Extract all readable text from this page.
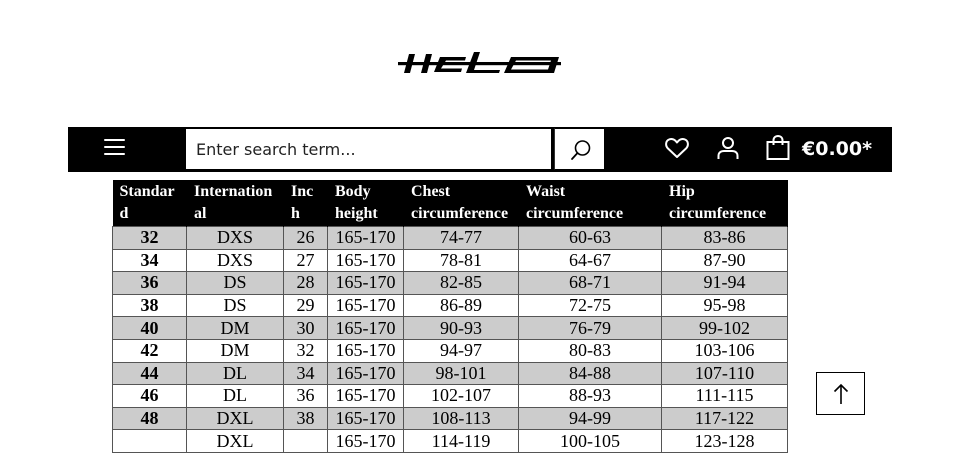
Enter search term...
€0.00*
Standard	International	Inch	Body height	Chest circumference	Waist circumference	Hip circumference
32	DXS	26	165-170	74-77	60-63	83-86
34	DXS	27	165-170	78-81	64-67	87-90
36	DS	28	165-170	82-85	68-71	91-94
38	DS	29	165-170	86-89	72-75	95-98
40	DM	30	165-170	90-93	76-79	99-102
42	DM	32	165-170	94-97	80-83	103-106
44	DL	34	165-170	98-101	84-88	107-110
46	DL	36	165-170	102-107	88-93	111-115
48	DXL	38	165-170	108-113	94-99	117-122
	DXL		165-170	114-119	100-105	123-128
